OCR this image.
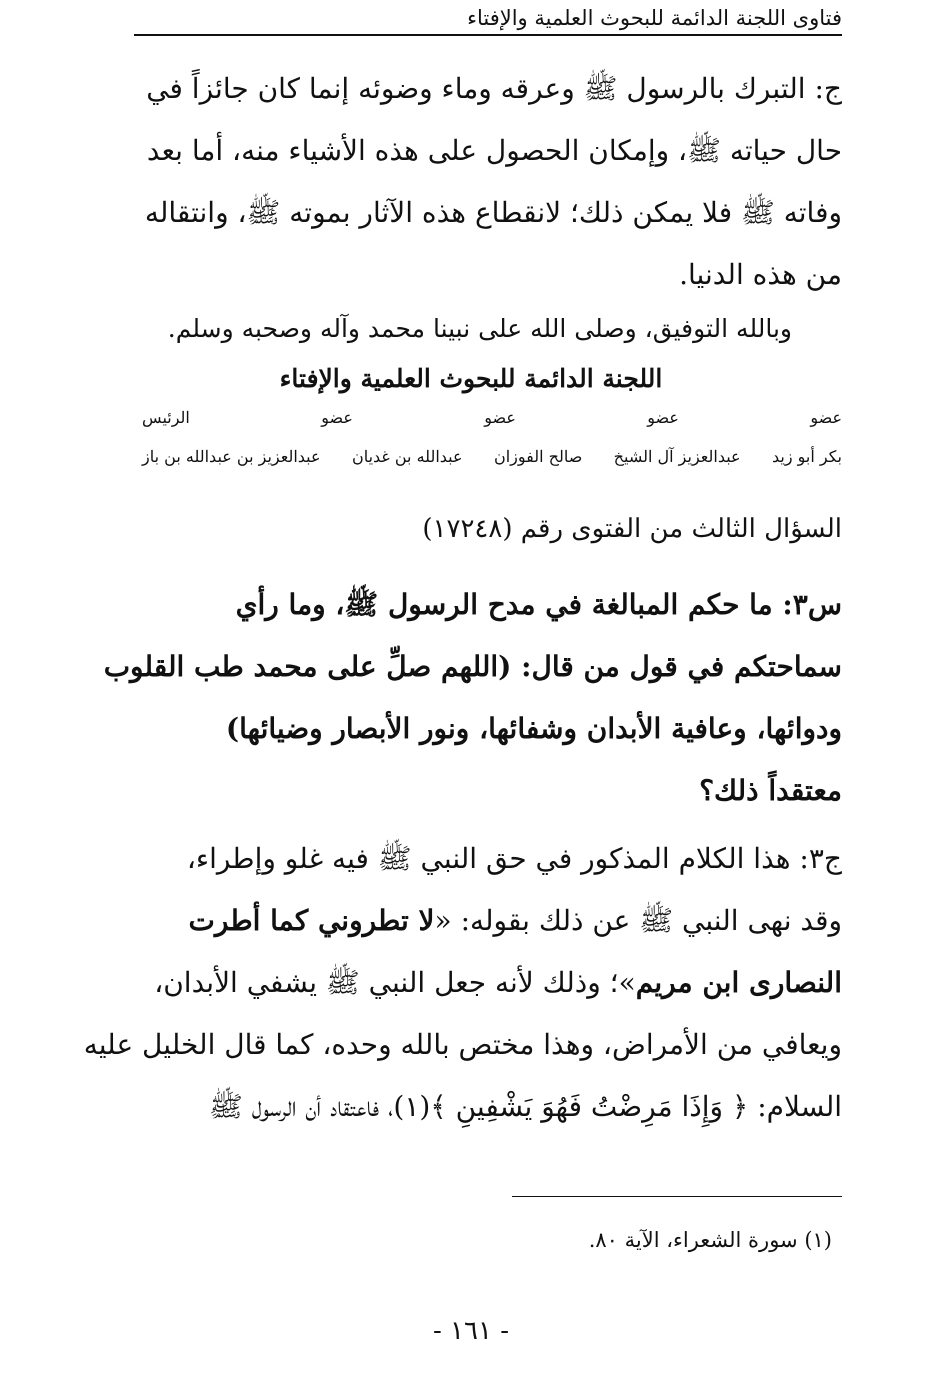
فتاوى اللجنة الدائمة للبحوث العلمية والإفتاء
ج: التبرك بالرسول ﷺ وعرقه وماء وضوئه إنما كان جائزاً في
حال حياته ﷺ، وإمكان الحصول على هذه الأشياء منه، أما بعد
وفاته ﷺ فلا يمكن ذلك؛ لانقطاع هذه الآثار بموته ﷺ، وانتقاله
من هذه الدنيا.
وبالله التوفيق، وصلى الله على نبينا محمد وآله وصحبه وسلم.
اللجنة الدائمة للبحوث العلمية والإفتاء
عضو
عضو
عضو
عضو
الرئيس
بكر أبو زيد
عبدالعزيز آل الشيخ
صالح الفوزان
عبدالله بن غديان
عبدالعزيز بن عبدالله بن باز
السؤال الثالث من الفتوى رقم (١٧٢٤٨)
س٣: ما حكم المبالغة في مدح الرسول ﷺ، وما رأي
سماحتكم في قول من قال: (اللهم صلِّ على محمد طب القلوب
ودوائها، وعافية الأبدان وشفائها، ونور الأبصار وضيائها)
معتقداً ذلك؟
ج٣: هذا الكلام المذكور في حق النبي ﷺ فيه غلو وإطراء،
وقد نهى النبي ﷺ عن ذلك بقوله: «لا تطروني كما أطرت
النصارى ابن مريم»؛ وذلك لأنه جعل النبي ﷺ يشفي الأبدان،
ويعافي من الأمراض، وهذا مختص بالله وحده، كما قال الخليل عليه
السلام: ﴿ وَإِذَا مَرِضْتُ فَهُوَ يَشْفِينِ ﴾(١)، فاعتقاد أن الرسول ﷺ
(١) سورة الشعراء، الآية ٨٠.
- ١٦١ -
